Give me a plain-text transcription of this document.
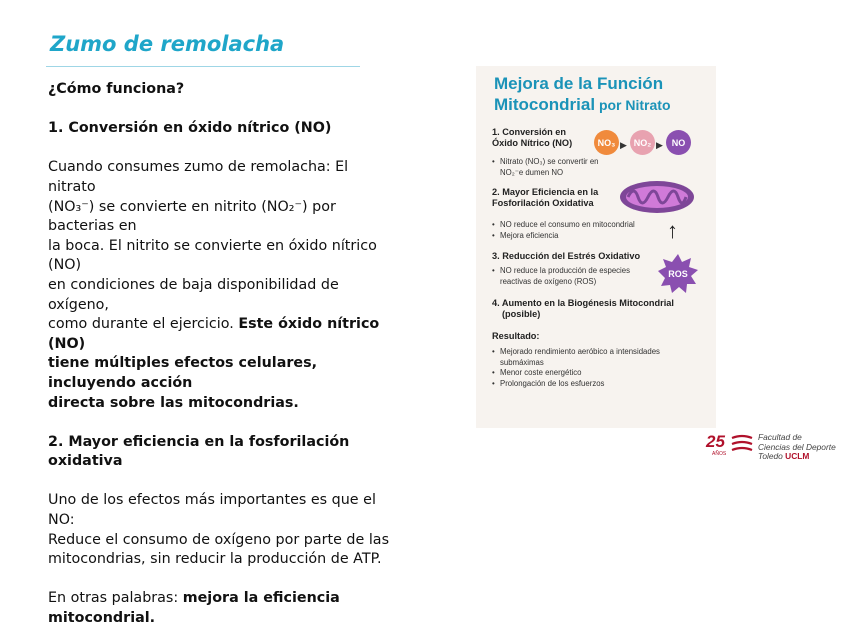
Zumo de remolacha

¿Cómo funciona?

1. Conversión en óxido nítrico (NO)

Cuando consumes zumo de remolacha: El nitrato

(NO₃⁻) se convierte en nitrito (NO₂⁻) por bacterias en

la boca. El nitrito se convierte en óxido nítrico (NO)

en condiciones de baja disponibilidad de oxígeno,

como durante el ejercicio. Este óxido nítrico (NO)

tiene múltiples efectos celulares, incluyendo acción

directa sobre las mitocondrias.

2. Mayor eficiencia en la fosforilación oxidativa

Uno de los efectos más importantes es que el NO:

Reduce el consumo de oxígeno por parte de las

mitocondrias, sin reducir la producción de ATP.

En otras palabras: mejora la eficiencia mitocondrial.

Mejora de la Función
Mitocondrial por Nitrato
1. Conversión en
Óxido Nítrico (NO)	NO₃ ▶ NO₂ ▶ NO
• Nitrato (NO₃) se convertir en
NO₂⁻e dumen NO
2. Mayor Eficiencia en la
Fosforilación Oxidativa
• NO reduce el consumo en mitocondrial
• Mejora eficiencia	↑
3. Reducción del Estrés Oxidativo
• NO reduce la producción de especies
reactivas de oxígeno (ROS)
ROS
4. Aumento en la Biogénesis Mitocondrial
(posible)
Resultado:
• Mejorado rendimiento aeróbico a intensidades
submáximas
• Menor coste energético
• Prolongación de los esfuerzos
25
AÑOS
Facultad de
Ciencias del Deporte
Toledo UCLM
